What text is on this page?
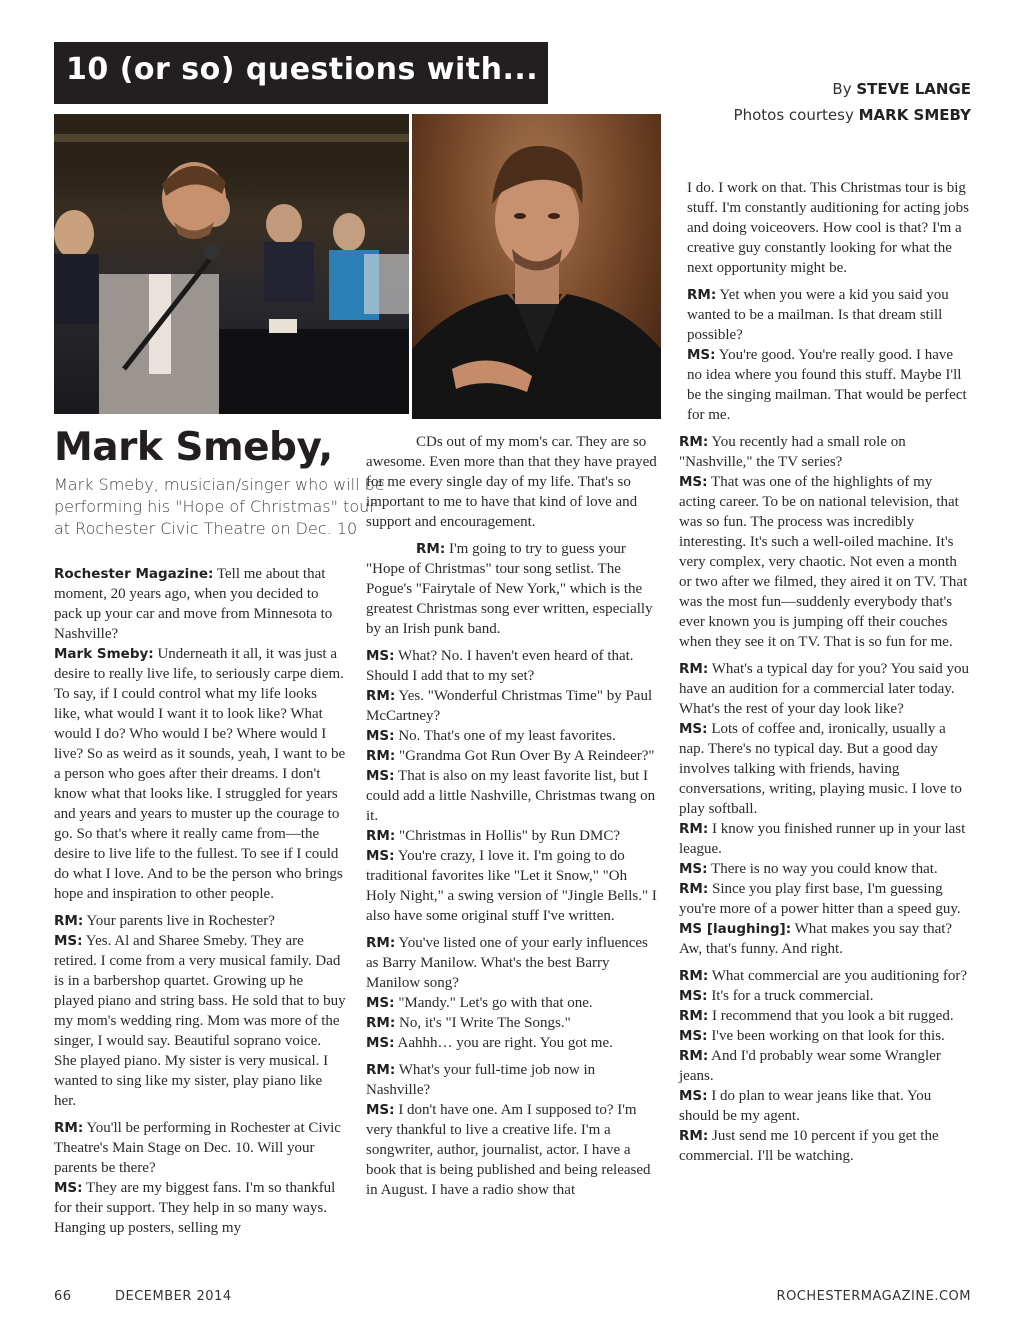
10 (or so) questions with...
By STEVE LANGE
Photos courtesy MARK SMEBY
Mark Smeby,
Mark Smeby, musician/singer who will be performing his "Hope of Christmas" tour at Rochester Civic Theatre on Dec. 10

Rochester Magazine: Tell me about that moment, 20 years ago, when you decided to pack up your car and move from Minnesota to Nashville?

Mark Smeby: Underneath it all, it was just a desire to really live life, to seriously carpe diem. To say, if I could control what my life looks like, what would I want it to look like? What would I do? Who would I be? Where would I live? So as weird as it sounds, yeah, I want to be a person who goes after their dreams. I don't know what that looks like. I struggled for years and years and years to muster up the courage to go. So that's where it really came from—the desire to live life to the fullest. To see if I could do what I love. And to be the person who brings hope and inspiration to other people.

RM: Your parents live in Rochester?

MS: Yes. Al and Sharee Smeby. They are retired. I come from a very musical family. Dad is in a barbershop quartet. Growing up he played piano and string bass. He sold that to buy my mom's wedding ring. Mom was more of the singer, I would say. Beautiful soprano voice. She played piano. My sister is very musical. I wanted to sing like my sister, play piano like her.

RM: You'll be performing in Rochester at Civic Theatre's Main Stage on Dec. 10. Will your parents be there?

MS: They are my biggest fans. I'm so thankful for their support. They help in so many ways. Hanging up posters, selling my

CDs out of my mom's car. They are so awesome. Even more than that they have prayed for me every single day of my life. That's so important to me to have that kind of love and support and encouragement.

RM: I'm going to try to guess your "Hope of Christmas" tour song setlist. The Pogue's "Fairytale of New York," which is the greatest Christmas song ever written, especially by an Irish punk band.

MS: What? No. I haven't even heard of that. Should I add that to my set?

RM: Yes. "Wonderful Christmas Time" by Paul McCartney?

MS: No. That's one of my least favorites.

RM: "Grandma Got Run Over By A Reindeer?"

MS: That is also on my least favorite list, but I could add a little Nashville, Christmas twang on it.

RM: "Christmas in Hollis" by Run DMC?

MS: You're crazy, I love it. I'm going to do traditional favorites like "Let it Snow," "Oh Holy Night," a swing version of "Jingle Bells." I also have some original stuff I've written.

RM: You've listed one of your early influences as Barry Manilow. What's the best Barry Manilow song?

MS: "Mandy." Let's go with that one.

RM: No, it's "I Write The Songs."

MS: Aahhh… you are right. You got me.

RM: What's your full-time job now in Nashville?

MS: I don't have one. Am I supposed to? I'm very thankful to live a creative life. I'm a songwriter, author, journalist, actor. I have a book that is being published and being released in August. I have a radio show that

I do. I work on that. This Christmas tour is big stuff. I'm constantly auditioning for acting jobs and doing voiceovers. How cool is that? I'm a creative guy constantly looking for what the next opportunity might be.

RM: Yet when you were a kid you said you wanted to be a mailman. Is that dream still possible?

MS: You're good. You're really good. I have no idea where you found this stuff. Maybe I'll be the singing mailman. That would be perfect for me.

RM: You recently had a small role on "Nashville," the TV series?

MS: That was one of the highlights of my acting career. To be on national television, that was so fun. The process was incredibly interesting. It's such a well-oiled machine. It's very complex, very chaotic. Not even a month or two after we filmed, they aired it on TV. That was the most fun—suddenly everybody that's ever known you is jumping off their couches when they see it on TV. That is so fun for me.

RM: What's a typical day for you? You said you have an audition for a commercial later today. What's the rest of your day look like?

MS: Lots of coffee and, ironically, usually a nap. There's no typical day. But a good day involves talking with friends, having conversations, writing, playing music. I love to play softball.

RM: I know you finished runner up in your last league.

MS: There is no way you could know that.

RM: Since you play first base, I'm guessing you're more of a power hitter than a speed guy.

MS [laughing]: What makes you say that? Aw, that's funny. And right.

RM: What commercial are you auditioning for?

MS: It's for a truck commercial.

RM: I recommend that you look a bit rugged.

MS: I've been working on that look for this.

RM: And I'd probably wear some Wrangler jeans.

MS: I do plan to wear jeans like that. You should be my agent.

RM: Just send me 10 percent if you get the commercial. I'll be watching.

66	DECEMBER 2014	ROCHESTERMAGAZINE.COM
